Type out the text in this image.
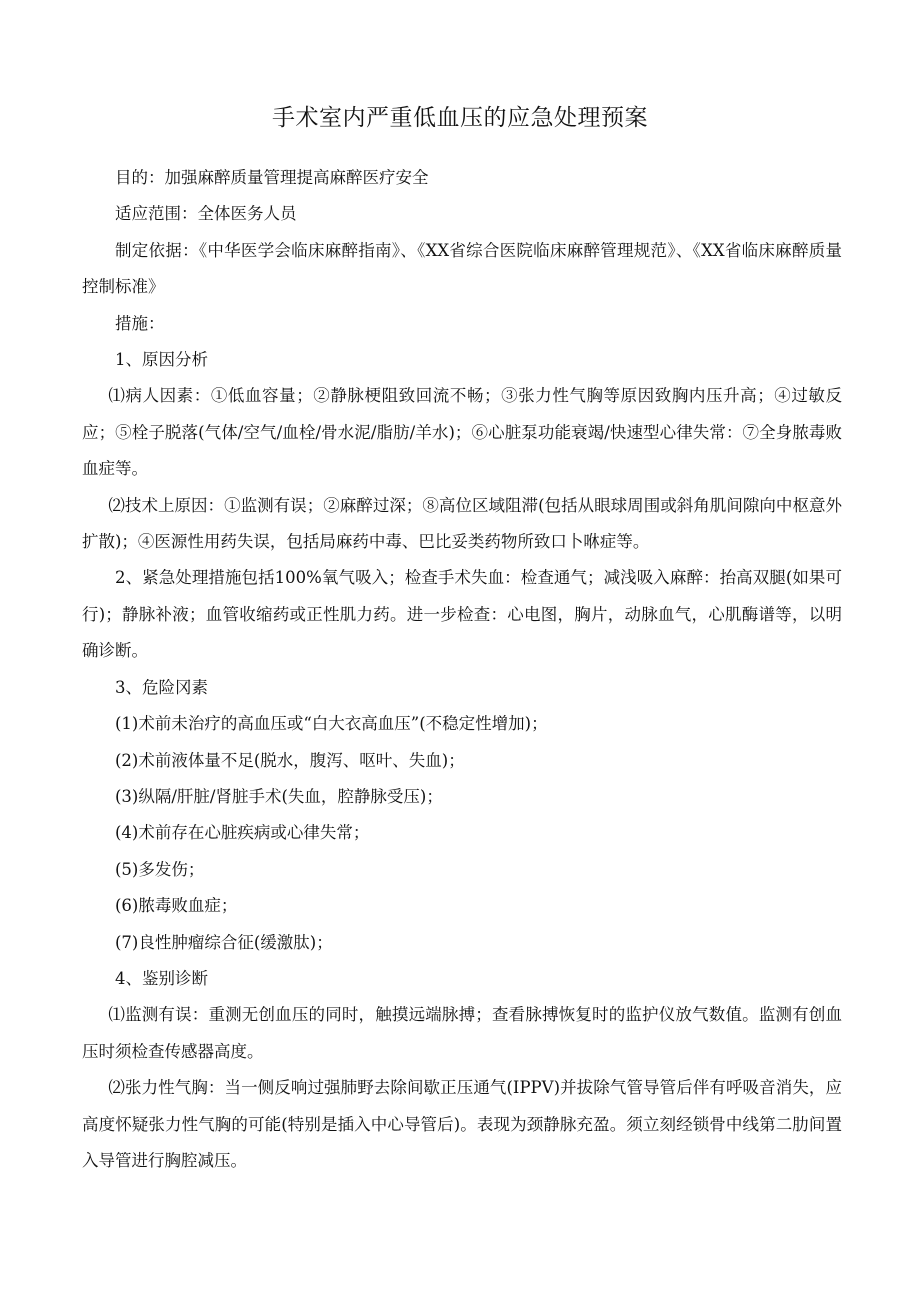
手术室内严重低血压的应急处理预案

目的：加强麻醉质量管理提高麻醉医疗安全

适应范围：全体医务人员

制定依据：《中华医学会临床麻醉指南》、《XX省综合医院临床麻醉管理规范》、《XX省临床麻醉质量控制标准》

措施：

1、原因分析

⑴病人因素：①低血容量；②静脉梗阻致回流不畅；③张力性气胸等原因致胸内压升高；④过敏反应；⑤栓子脱落(气体/空气/血栓/骨水泥/脂肪/羊水)；⑥心脏泵功能衰竭/快速型心律失常：⑦全身脓毒败血症等。

⑵技术上原因：①监测有误；②麻醉过深；⑧高位区域阻滞(包括从眼球周围或斜角肌间隙向中枢意外扩散)；④医源性用药失误，包括局麻药中毒、巴比妥类药物所致口卜咻症等。

2、紧急处理措施包括100%氧气吸入；检查手术失血：检查通气；减浅吸入麻醉：抬高双腿(如果可行)；静脉补液；血管收缩药或正性肌力药。进一步检查：心电图，胸片，动脉血气，心肌酶谱等，以明确诊断。

3、危险冈素

(1)术前未治疗的高血压或“白大衣高血压”(不稳定性增加)；

(2)术前液体量不足(脱水，腹泻、呕叶、失血)；

(3)纵隔/肝脏/肾脏手术(失血，腔静脉受压)；

(4)术前存在心脏疾病或心律失常；

(5)多发伤；

(6)脓毒败血症；

(7)良性肿瘤综合征(缓激肽)；

4、鉴别诊断

⑴监测有误：重测无创血压的同时，触摸远端脉搏；查看脉搏恢复时的监护仪放气数值。监测有创血压时须检查传感器高度。

⑵张力性气胸：当一侧反响过强肺野去除间歇正压通气(IPPV)并拔除气管导管后伴有呼吸音消失，应高度怀疑张力性气胸的可能(特别是插入中心导管后)。表现为颈静脉充盈。须立刻经锁骨中线第二肋间置入导管进行胸腔减压。
